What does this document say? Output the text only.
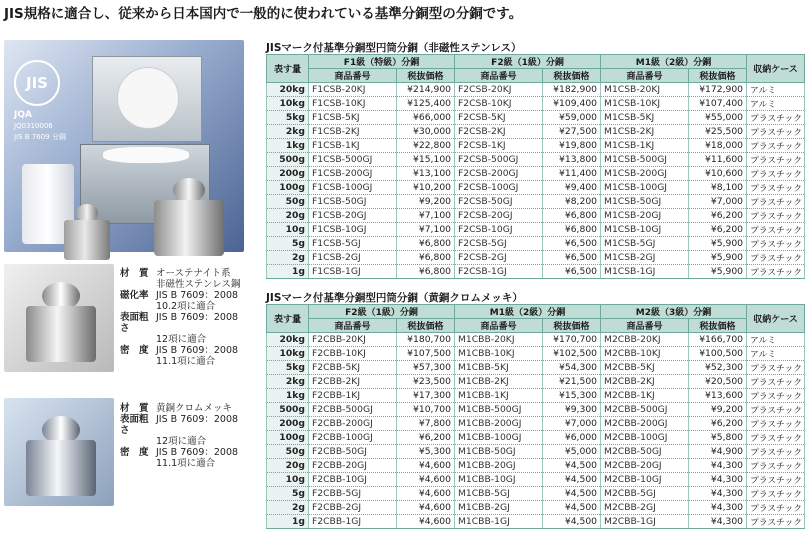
JIS規格に適合し、従来から日本国内で一般的に使われている基準分銅型の分銅です。
JIS
JQA
JQ0310006
JIS B 7609 分銅
材　質 オーステナイト系
非磁性ステンレス鋼
磁化率 JIS B 7609：2008
10.2項に適合
表面粗さ
JIS B 7609：2008
12項に適合
密　度 JIS B 7609：2008
11.1項に適合
材　質 黄銅クロムメッキ
表面粗さ
JIS B 7609：2008
12項に適合
密　度 JIS B 7609：2008
11.1項に適合
JISマーク付基準分銅型円筒分銅（非磁性ステンレス）
表す量	F1級（特級）分銅		F2級（1級）分銅		M1級（2級）分銅		収納ケース
	商品番号	税抜価格	商品番号	税抜価格	商品番号	税抜価格	
20kg	F1CSB-20KJ	¥214,900	F2CSB-20KJ	¥182,900	M1CSB-20KJ	¥172,900	アルミ
10kg	F1CSB-10KJ	¥125,400	F2CSB-10KJ	¥109,400	M1CSB-10KJ	¥107,400	アルミ
5kg	F1CSB-5KJ	¥66,000	F2CSB-5KJ	¥59,000	M1CSB-5KJ	¥55,000	プラスチック
2kg	F1CSB-2KJ	¥30,000	F2CSB-2KJ	¥27,500	M1CSB-2KJ	¥25,500	プラスチック
1kg	F1CSB-1KJ	¥22,800	F2CSB-1KJ	¥19,800	M1CSB-1KJ	¥18,000	プラスチック
500g	F1CSB-500GJ	¥15,100	F2CSB-500GJ	¥13,800	M1CSB-500GJ	¥11,600	プラスチック
200g	F1CSB-200GJ	¥13,100	F2CSB-200GJ	¥11,400	M1CSB-200GJ	¥10,600	プラスチック
100g	F1CSB-100GJ	¥10,200	F2CSB-100GJ	¥9,400	M1CSB-100GJ	¥8,100	プラスチック
50g	F1CSB-50GJ	¥9,200	F2CSB-50GJ	¥8,200	M1CSB-50GJ	¥7,000	プラスチック
20g	F1CSB-20GJ	¥7,100	F2CSB-20GJ	¥6,800	M1CSB-20GJ	¥6,200	プラスチック
10g	F1CSB-10GJ	¥7,100	F2CSB-10GJ	¥6,800	M1CSB-10GJ	¥6,200	プラスチック
5g	F1CSB-5GJ	¥6,800	F2CSB-5GJ	¥6,500	M1CSB-5GJ	¥5,900	プラスチック
2g	F1CSB-2GJ	¥6,800	F2CSB-2GJ	¥6,500	M1CSB-2GJ	¥5,900	プラスチック
1g	F1CSB-1GJ	¥6,800	F2CSB-1GJ	¥6,500	M1CSB-1GJ	¥5,900	プラスチック
JISマーク付基準分銅型円筒分銅（黄銅クロムメッキ）
表す量	F2級（1級）分銅		M1級（2級）分銅		M2級（3級）分銅		収納ケース
	商品番号	税抜価格	商品番号	税抜価格	商品番号	税抜価格	
20kg	F2CBB-20KJ	¥180,700	M1CBB-20KJ	¥170,700	M2CBB-20KJ	¥166,700	アルミ
10kg	F2CBB-10KJ	¥107,500	M1CBB-10KJ	¥102,500	M2CBB-10KJ	¥100,500	アルミ
5kg	F2CBB-5KJ	¥57,300	M1CBB-5KJ	¥54,300	M2CBB-5KJ	¥52,300	プラスチック
2kg	F2CBB-2KJ	¥23,500	M1CBB-2KJ	¥21,500	M2CBB-2KJ	¥20,500	プラスチック
1kg	F2CBB-1KJ	¥17,300	M1CBB-1KJ	¥15,300	M2CBB-1KJ	¥13,600	プラスチック
500g	F2CBB-500GJ	¥10,700	M1CBB-500GJ	¥9,300	M2CBB-500GJ	¥9,200	プラスチック
200g	F2CBB-200GJ	¥7,800	M1CBB-200GJ	¥7,000	M2CBB-200GJ	¥6,200	プラスチック
100g	F2CBB-100GJ	¥6,200	M1CBB-100GJ	¥6,000	M2CBB-100GJ	¥5,800	プラスチック
50g	F2CBB-50GJ	¥5,300	M1CBB-50GJ	¥5,000	M2CBB-50GJ	¥4,900	プラスチック
20g	F2CBB-20GJ	¥4,600	M1CBB-20GJ	¥4,500	M2CBB-20GJ	¥4,300	プラスチック
10g	F2CBB-10GJ	¥4,600	M1CBB-10GJ	¥4,500	M2CBB-10GJ	¥4,300	プラスチック
5g	F2CBB-5GJ	¥4,600	M1CBB-5GJ	¥4,500	M2CBB-5GJ	¥4,300	プラスチック
2g	F2CBB-2GJ	¥4,600	M1CBB-2GJ	¥4,500	M2CBB-2GJ	¥4,300	プラスチック
1g	F2CBB-1GJ	¥4,600	M1CBB-1GJ	¥4,500	M2CBB-1GJ	¥4,300	プラスチック
